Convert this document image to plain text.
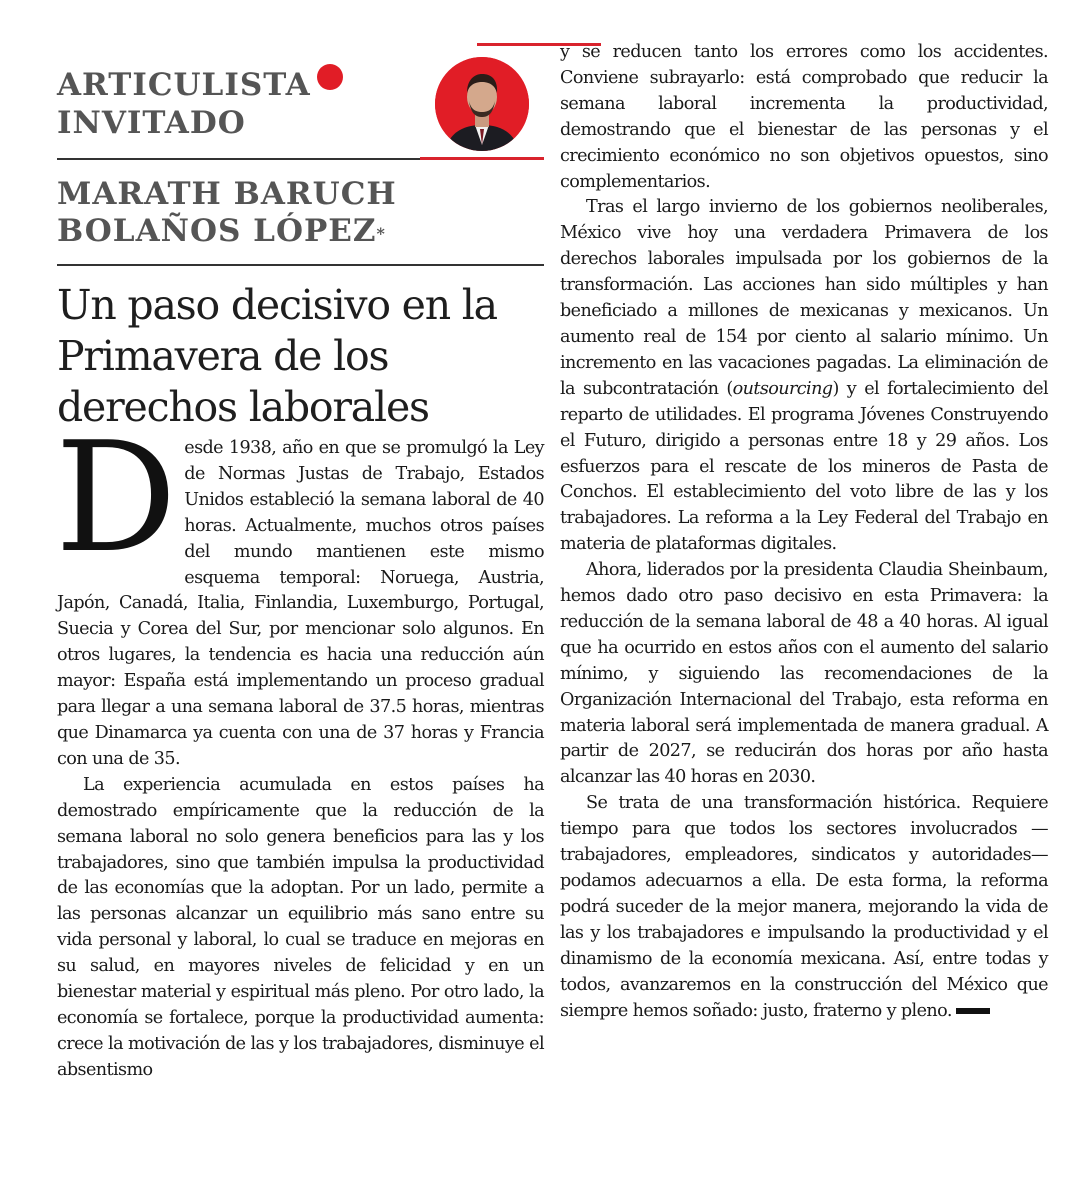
ARTICULISTA
INVITADO
MARATH BARUCH
BOLAÑOS LÓPEZ*
Un paso decisivo en la Primavera de los derechos laborales

Desde 1938, año en que se promulgó la Ley de Normas Justas de Trabajo, Estados Unidos estableció la semana laboral de 40 horas. Actualmente, muchos otros países del mundo mantienen este mismo esquema temporal: Noruega, Austria, Japón, Canadá, Italia, Finlandia, Luxemburgo, Portugal, Suecia y Corea del Sur, por mencionar solo algunos. En otros lugares, la tendencia es hacia una reducción aún mayor: España está implementando un proceso gradual para llegar a una semana laboral de 37.5 horas, mientras que Dinamarca ya cuenta con una de 37 horas y Francia con una de 35.

La experiencia acumulada en estos países ha demostrado empíricamente que la reducción de la semana laboral no solo genera beneficios para las y los trabajadores, sino que también impulsa la productividad de las economías que la adoptan. Por un lado, permite a las personas alcanzar un equilibrio más sano entre su vida personal y laboral, lo cual se traduce en mejoras en su salud, en mayores niveles de felicidad y en un bienestar material y espiritual más pleno. Por otro lado, la economía se fortalece, porque la productividad aumenta: crece la motivación de las y los trabajadores, disminuye el absentismo

y se reducen tanto los errores como los accidentes. Conviene subrayarlo: está comprobado que reducir la semana laboral incrementa la productividad, demostrando que el bienestar de las personas y el crecimiento económico no son objetivos opuestos, sino complementarios.

Tras el largo invierno de los gobiernos neoliberales, México vive hoy una verdadera Primavera de los derechos laborales impulsada por los gobiernos de la transformación. Las acciones han sido múltiples y han beneficiado a millones de mexicanas y mexicanos. Un aumento real de 154 por ciento al salario mínimo. Un incremento en las vacaciones pagadas. La eliminación de la subcontratación (outsourcing) y el fortalecimiento del reparto de utilidades. El programa Jóvenes Construyendo el Futuro, dirigido a personas entre 18 y 29 años. Los esfuerzos para el rescate de los mineros de Pasta de Conchos. El establecimiento del voto libre de las y los trabajadores. La reforma a la Ley Federal del Trabajo en materia de plataformas digitales.

Ahora, liderados por la presidenta Claudia Sheinbaum, hemos dado otro paso decisivo en esta Primavera: la reducción de la semana laboral de 48 a 40 horas. Al igual que ha ocurrido en estos años con el aumento del salario mínimo, y siguiendo las recomendaciones de la Organización Internacional del Trabajo, esta reforma en materia laboral será implementada de manera gradual. A partir de 2027, se reducirán dos horas por año hasta alcanzar las 40 horas en 2030.

Se trata de una transformación histórica. Requiere tiempo para que todos los sectores involucrados —trabajadores, empleadores, sindicatos y autoridades— podamos adecuarnos a ella. De esta forma, la reforma podrá suceder de la mejor manera, mejorando la vida de las y los trabajadores e impulsando la productividad y el dinamismo de la economía mexicana. Así, entre todas y todos, avanzaremos en la construcción del México que siempre hemos soñado: justo, fraterno y pleno.
